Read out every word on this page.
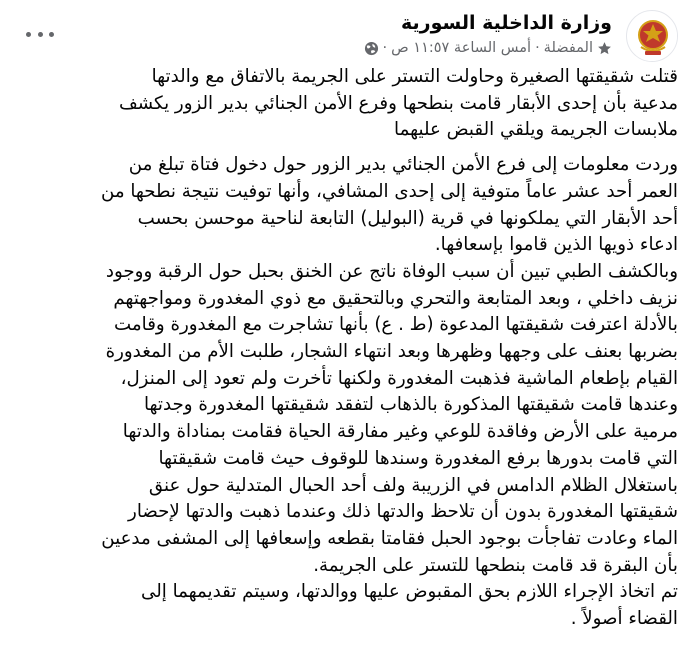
وزارة الداخلية السورية
المفضلة
·
أمس الساعة ١١:٥٧ ص
·

قتلت شقيقتها الصغيرة وحاولت التستر على الجريمة بالاتفاق مع والدتها
مدعية بأن إحدى الأبقار قامت بنطحها وفرع الأمن الجنائي بدير الزور يكشف
ملابسات الجريمة ويلقي القبض عليهما

وردت معلومات إلى فرع الأمن الجنائي بدير الزور حول دخول فتاة تبلغ من
العمر أحد عشر عاماً متوفية إلى إحدى المشافي، وأنها توفيت نتيجة نطحها من
أحد الأبقار التي يملكونها في قرية (البوليل) التابعة لناحية موحسن بحسب
ادعاء ذويها الذين قاموا بإسعافها.
وبالكشف الطبي تبين أن سبب الوفاة ناتج عن الخنق بحبل حول الرقبة ووجود
نزيف داخلي ، وبعد المتابعة والتحري وبالتحقيق مع ذوي المغدورة ومواجهتهم
بالأدلة اعترفت شقيقتها المدعوة (ط . ع) بأنها تشاجرت مع المغدورة وقامت
بضربها بعنف على وجهها وظهرها وبعد انتهاء الشجار، طلبت الأم من المغدورة
القيام بإطعام الماشية فذهبت المغدورة ولكنها تأخرت ولم تعود إلى المنزل،
وعندها قامت شقيقتها المذكورة بالذهاب لتفقد شقيقتها المغدورة وجدتها
مرمية على الأرض وفاقدة للوعي وغير مفارقة الحياة فقامت بمناداة والدتها
التي قامت بدورها برفع المغدورة وسندها للوقوف حيث قامت شقيقتها
باستغلال الظلام الدامس في الزريبة ولف أحد الحبال المتدلية حول عنق
شقيقتها المغدورة بدون أن تلاحظ والدتها ذلك وعندما ذهبت والدتها لإحضار
الماء وعادت تفاجأت بوجود الحبل فقامتا بقطعه وإسعافها إلى المشفى مدعين
بأن البقرة قد قامت بنطحها للتستر على الجريمة.
تم اتخاذ الإجراء اللازم بحق المقبوض عليها ووالدتها، وسيتم تقديمهما إلى
القضاء أصولاً .
